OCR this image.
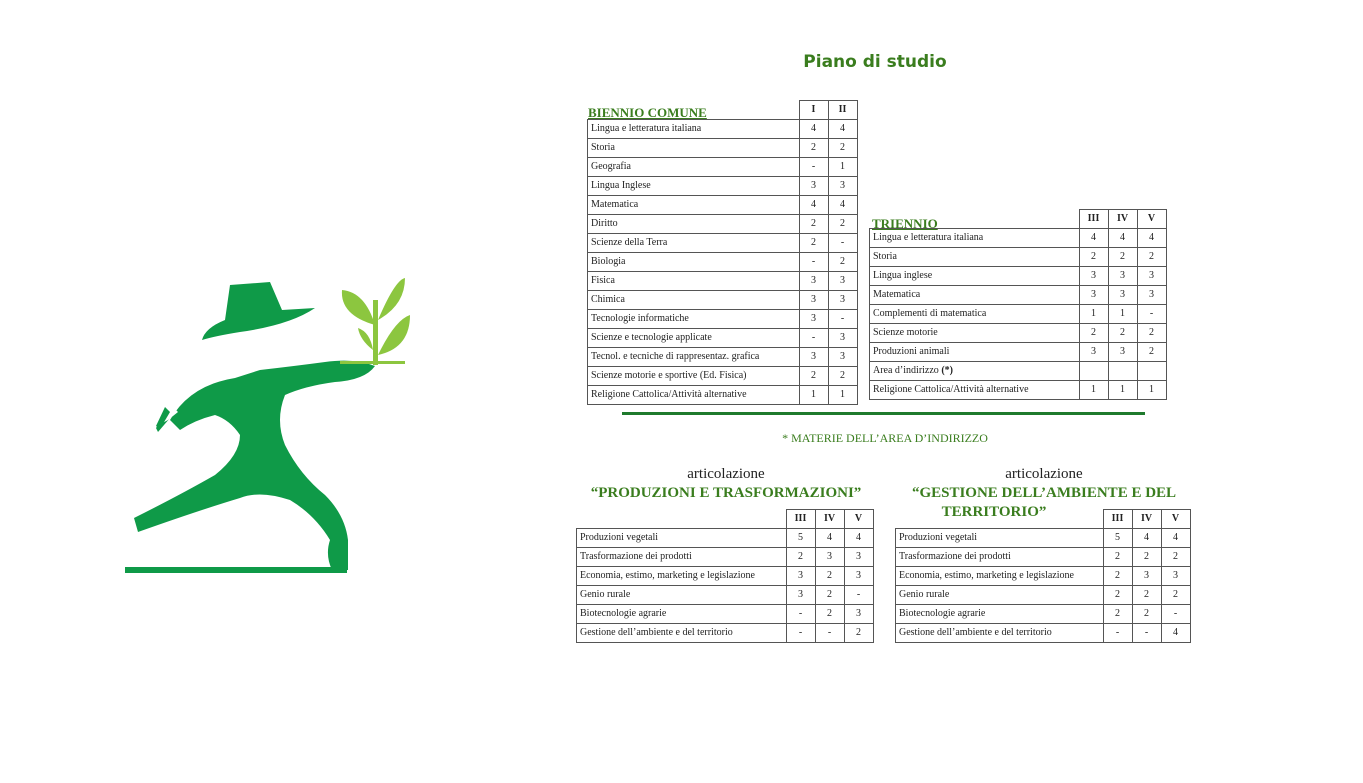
Piano di studio
BIENNIO COMUNE
		I	II
Lingua e letteratura italiana	4	4
Storia	2	2
Geografia	-	1
Lingua Inglese	3	3
Matematica	4	4
Diritto	2	2
Scienze della Terra	2	-
Biologia	-	2
Fisica	3	3
Chimica	3	3
Tecnologie informatiche	3	-
Scienze e tecnologie applicate	-	3
Tecnol. e tecniche di rappresentaz. grafica	3	3
Scienze motorie e sportive (Ed. Fisica)	2	2
Religione Cattolica/Attività alternative	1	1
TRIENNIO
		III	IV	V
Lingua e letteratura italiana	4	4	4
Storia	2	2	2
Lingua inglese	3	3	3
Matematica	3	3	3
Complementi di matematica	1	1	-
Scienze motorie	2	2	2
Produzioni animali	3	3	2
Area d’indirizzo (*)			
Religione Cattolica/Attività alternative	1	1	1
* MATERIE DELL’AREA D’INDIRIZZO
articolazione
“PRODUZIONI E TRASFORMAZIONI”
	III	IV	V
Produzioni vegetali	5	4	4
Trasformazione dei prodotti	2	3	3
Economia, estimo, marketing e legislazione	3	2	3
Genio rurale	3	2	-
Biotecnologie agrarie	-	2	3
Gestione dell’ambiente e del territorio	-	-	2
articolazione
“GESTIONE DELL’AMBIENTE E DEL
TERRITORIO”
		III	IV	V
Produzioni vegetali	5	4	4
Trasformazione dei prodotti	2	2	2
Economia, estimo, marketing e legislazione	2	3	3
Genio rurale	2	2	2
Biotecnologie agrarie	2	2	-
Gestione dell’ambiente e del territorio	-	-	4
